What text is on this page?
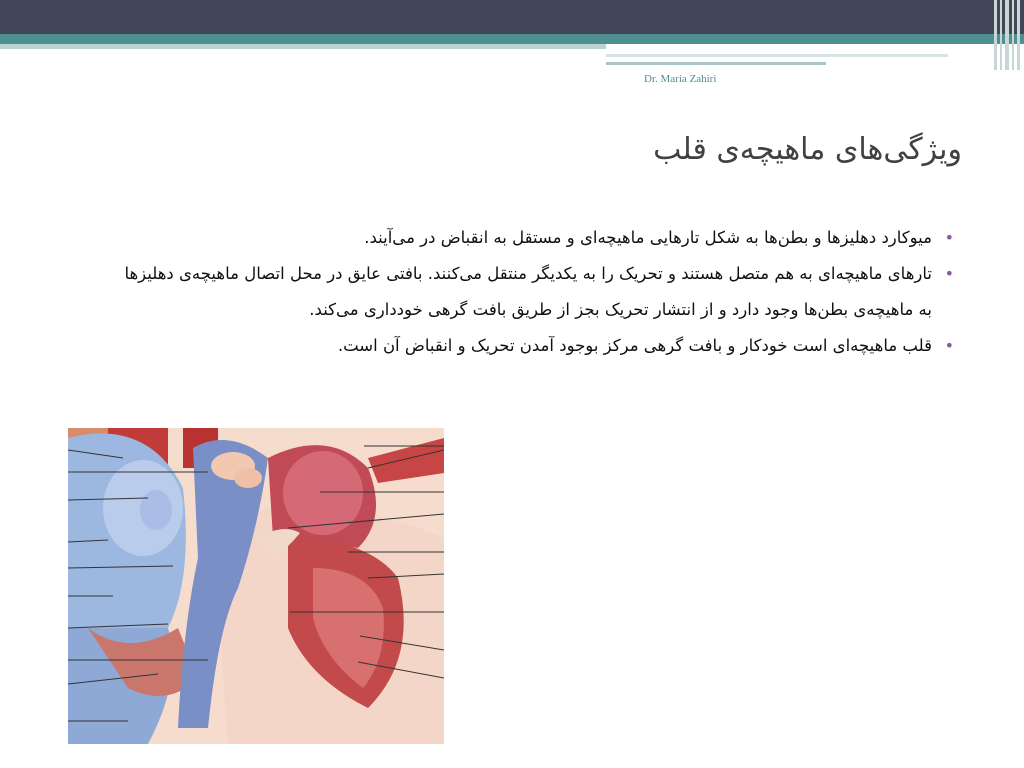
Dr. Maria Zahiri
ویژگی‌های ماهیچه‌ی قلب
•
میوکارد دهلیزها و بطن‌ها به شکل تارهایی ماهیچه‌ای و مستقل به انقباض در می‌آیند.
•
تارهای ماهیچه‌ای به هم متصل هستند و تحریک را به یکدیگر منتقل می‌کنند. بافتی عایق در محل اتصال ماهیچه‌ی دهلیزها به ماهیچه‌ی بطن‌ها وجود دارد و از انتشار تحریک بجز از طریق بافت گرهی خودداری می‌کند.
•
قلب ماهیچه‌ای است خودکار و بافت گرهی مرکز بوجود آمدن تحریک و انقباض آن است.
